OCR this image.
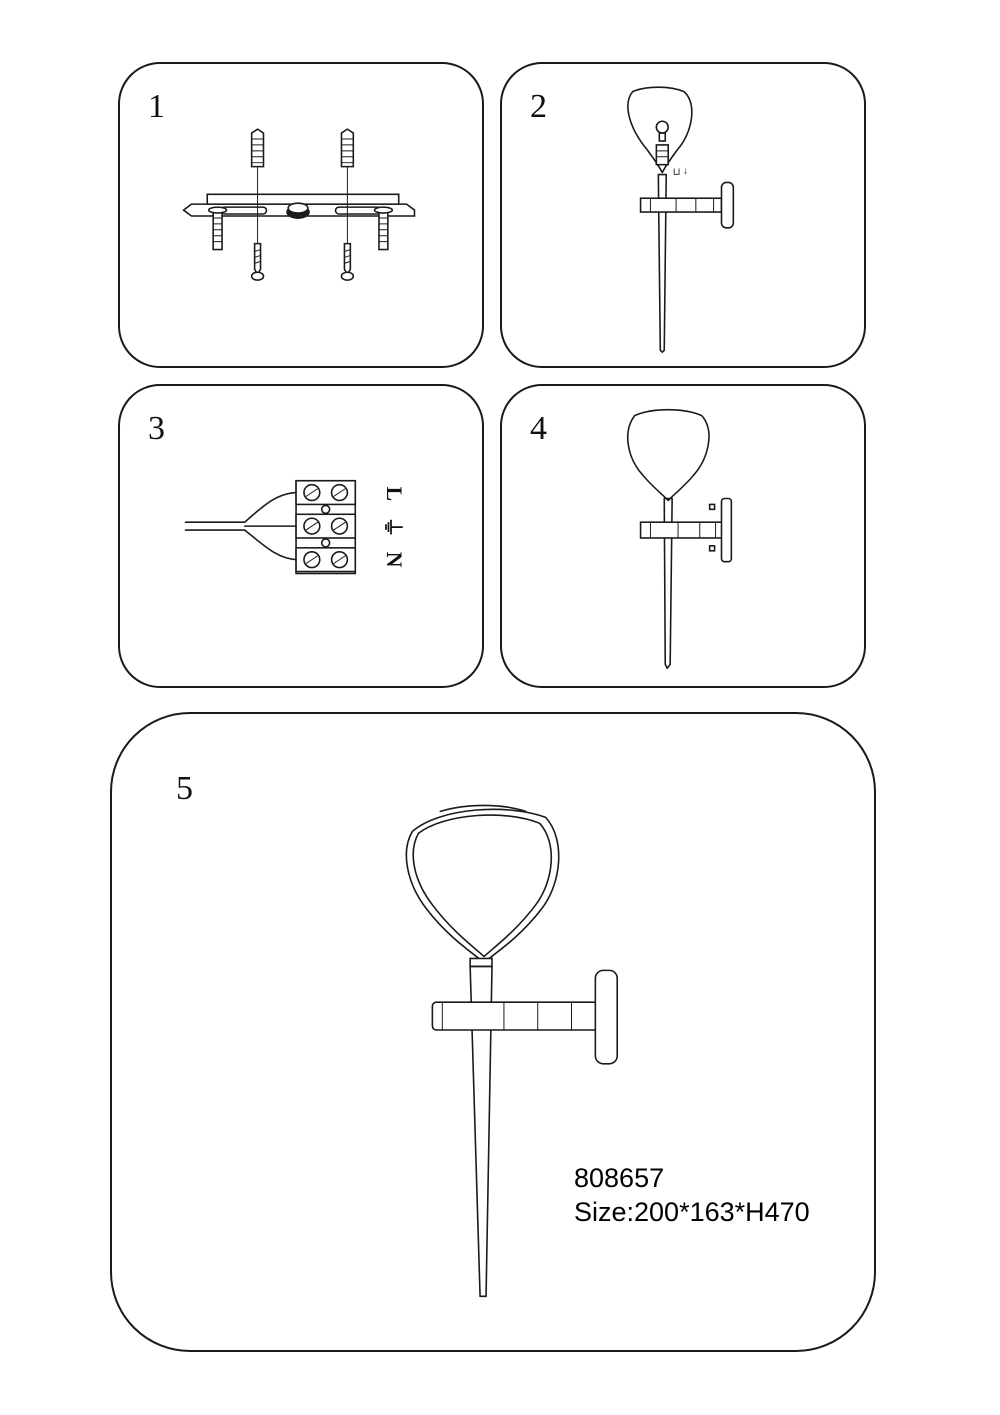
1	2
↑ ⊓
3
L
⏚
N
4
5
808657
Size:200*163*H470
